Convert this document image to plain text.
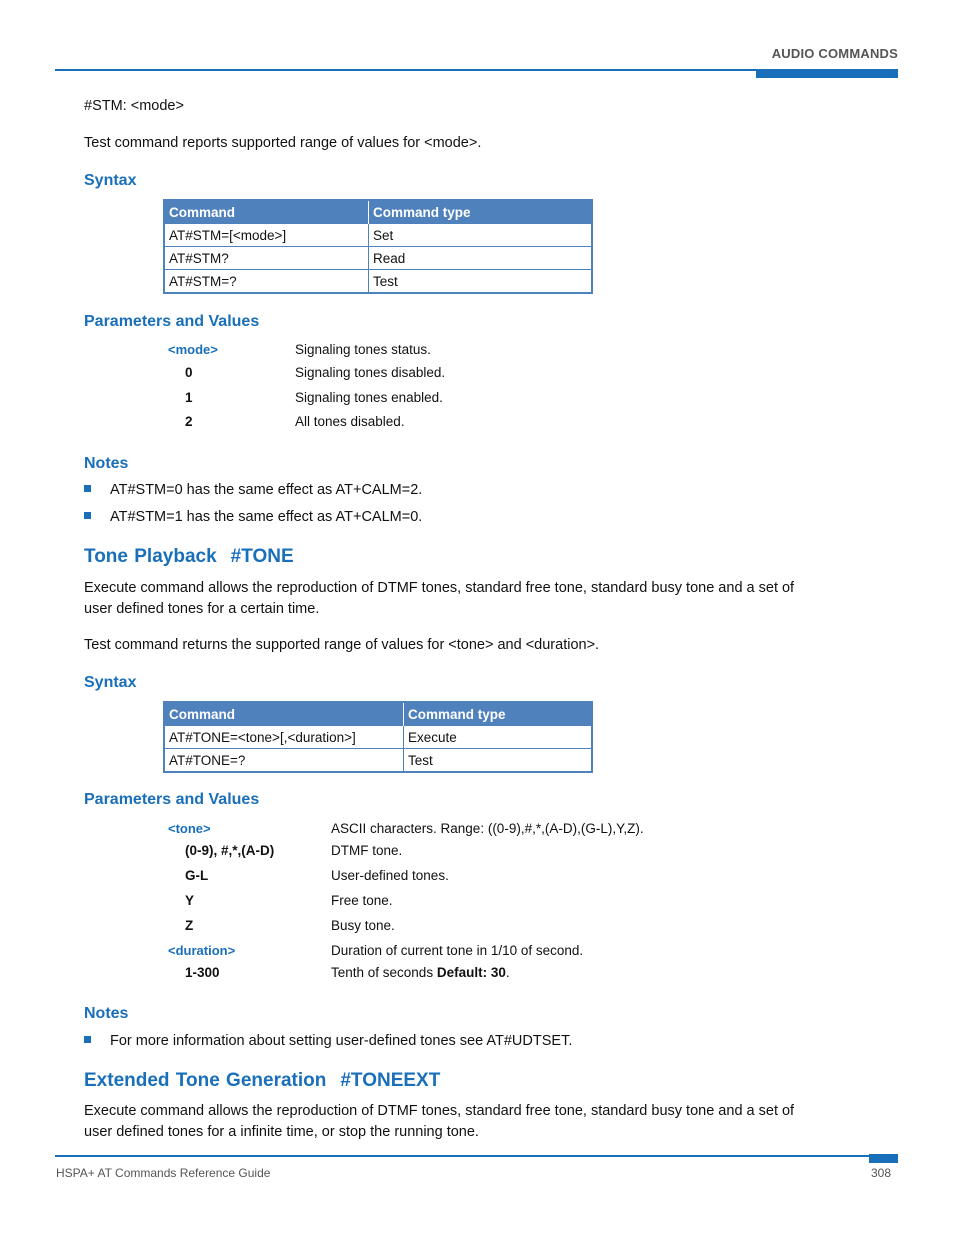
AUDIO COMMANDS
#STM: <mode>
Test command reports supported range of values for <mode>.
Syntax
Command	Command type
AT#STM=[<mode>]	Set
AT#STM?	Read
AT#STM=?	Test
Parameters and Values
<mode>	Signaling tones status.
0	Signaling tones disabled.
1	Signaling tones enabled.
2	All tones disabled.
Notes
AT#STM=0 has the same effect as AT+CALM=2.
AT#STM=1 has the same effect as AT+CALM=0.
Tone Playback #TONE
Execute command allows the reproduction of DTMF tones, standard free tone, standard busy tone and a set of
user defined tones for a certain time.
Test command returns the supported range of values for <tone> and <duration>.
Syntax
Command	Command type
AT#TONE=<tone>[,<duration>]	Execute
AT#TONE=?	Test
Parameters and Values
<tone>	ASCII characters. Range: ((0-9),#,*,(A-D),(G-L),Y,Z).
(0-9), #,*,(A-D)	DTMF tone.
G-L	User-defined tones.
Y	Free tone.
Z	Busy tone.
<duration>	Duration of current tone in 1/10 of second.
1-300	Tenth of seconds Default: 30.
Notes
For more information about setting user-defined tones see AT#UDTSET.
Extended Tone Generation #TONEEXT
Execute command allows the reproduction of DTMF tones, standard free tone, standard busy tone and a set of
user defined tones for a infinite time, or stop the running tone.
HSPA+ AT Commands Reference Guide	308
